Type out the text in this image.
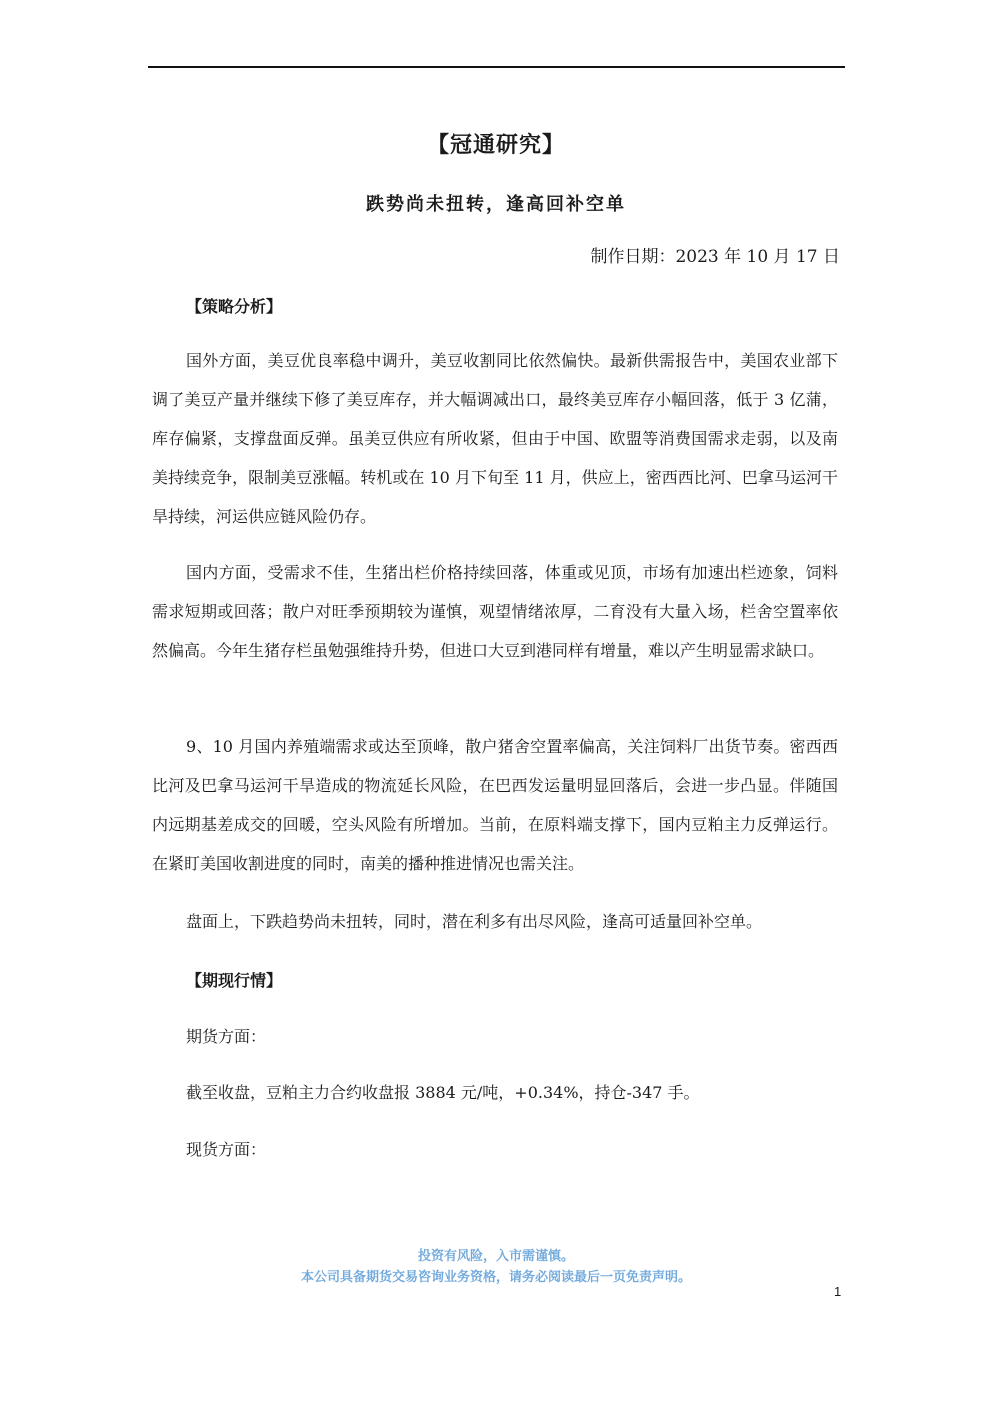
【冠通研究】
跌势尚未扭转，逢高回补空单
制作日期：2023 年 10 月 17 日
【策略分析】

国外方面，美豆优良率稳中调升，美豆收割同比依然偏快。最新供需报告中，美国农业部下调了美豆产量并继续下修了美豆库存，并大幅调减出口，最终美豆库存小幅回落，低于 3 亿蒲，库存偏紧，支撑盘面反弹。虽美豆供应有所收紧，但由于中国、欧盟等消费国需求走弱，以及南美持续竞争，限制美豆涨幅。转机或在 10 月下旬至 11 月，供应上，密西西比河、巴拿马运河干旱持续，河运供应链风险仍存。

国内方面，受需求不佳，生猪出栏价格持续回落，体重或见顶，市场有加速出栏迹象，饲料需求短期或回落；散户对旺季预期较为谨慎，观望情绪浓厚，二育没有大量入场，栏舍空置率依然偏高。今年生猪存栏虽勉强维持升势，但进口大豆到港同样有增量，难以产生明显需求缺口。

9、10 月国内养殖端需求或达至顶峰，散户猪舍空置率偏高，关注饲料厂出货节奏。密西西比河及巴拿马运河干旱造成的物流延长风险，在巴西发运量明显回落后，会进一步凸显。伴随国内远期基差成交的回暖，空头风险有所增加。当前，在原料端支撑下，国内豆粕主力反弹运行。在紧盯美国收割进度的同时，南美的播种推进情况也需关注。

盘面上，下跌趋势尚未扭转，同时，潜在利多有出尽风险，逢高可适量回补空单。

【期现行情】
期货方面：
截至收盘，豆粕主力合约收盘报 3884 元/吨，+0.34%，持仓-347 手。
现货方面：
投资有风险，入市需谨慎。
本公司具备期货交易咨询业务资格，请务必阅读最后一页免责声明。
1
